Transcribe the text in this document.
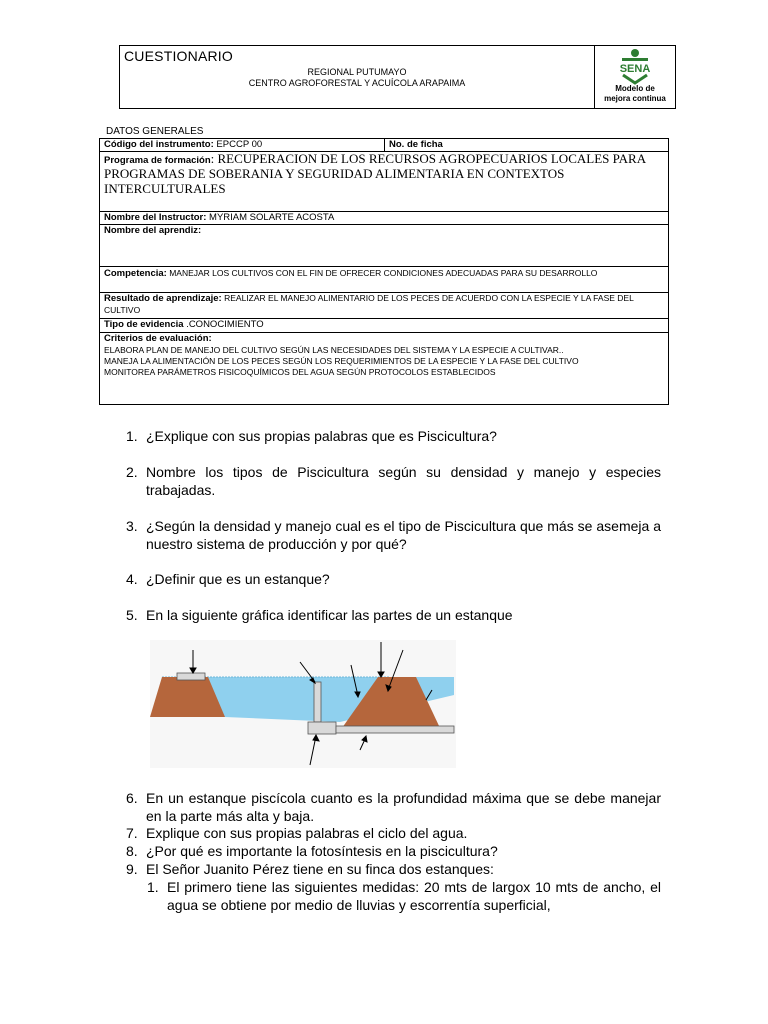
CUESTIONARIO
REGIONAL PUTUMAYO
CENTRO AGROFORESTAL Y ACUÍCOLA ARAPAIMA
SENA
Modelo de
mejora continua
DATOS GENERALES
Código del instrumento: EPCCP 00	No. de ficha
Programa de formación: RECUPERACION DE LOS RECURSOS AGROPECUARIOS LOCALES PARA PROGRAMAS DE SOBERANIA Y SEGURIDAD ALIMENTARIA EN CONTEXTOS INTERCULTURALES
Nombre del Instructor: MYRIAM SOLARTE ACOSTA
Nombre del aprendiz:
Competencia: MANEJAR LOS CULTIVOS CON EL FIN DE OFRECER CONDICIONES ADECUADAS PARA SU DESARROLLO
Resultado de aprendizaje: REALIZAR EL MANEJO ALIMENTARIO DE LOS PECES DE ACUERDO CON LA ESPECIE Y LA FASE DEL CULTIVO
Tipo de evidencia .CONOCIMIENTO

Criterios de evaluación:
ELABORA PLAN DE MANEJO DEL CULTIVO SEGÚN LAS NECESIDADES DEL SISTEMA Y LA ESPECIE A CULTIVAR..
MANEJA LA ALIMENTACIÓN DE LOS PECES SEGÚN LOS REQUERIMIENTOS DE LA ESPECIE Y LA FASE DEL CULTIVO
MONITOREA PARÁMETROS FISICOQUÍMICOS DEL AGUA SEGÚN PROTOCOLOS ESTABLECIDOS
1. ¿Explique con sus propias palabras que es Piscicultura?
2. Nombre los tipos de Piscicultura según su densidad y manejo y especies trabajadas.
3. ¿Según la densidad y manejo cual es el tipo de Piscicultura que más se asemeja a nuestro sistema de producción y por qué?
4. ¿Definir que es un estanque?
5. En la siguiente gráfica identificar las partes de un estanque
6. En un estanque piscícola cuanto es la profundidad máxima que se debe manejar en la parte más alta y baja.
7. Explique con sus propias palabras el ciclo del agua.
8. ¿Por qué es importante la fotosíntesis en la piscicultura?
9. El Señor Juanito Pérez tiene en su finca dos estanques:
1. El primero tiene las siguientes medidas: 20 mts de largox 10 mts de ancho, el agua se obtiene por medio de lluvias y escorrentía superficial,
